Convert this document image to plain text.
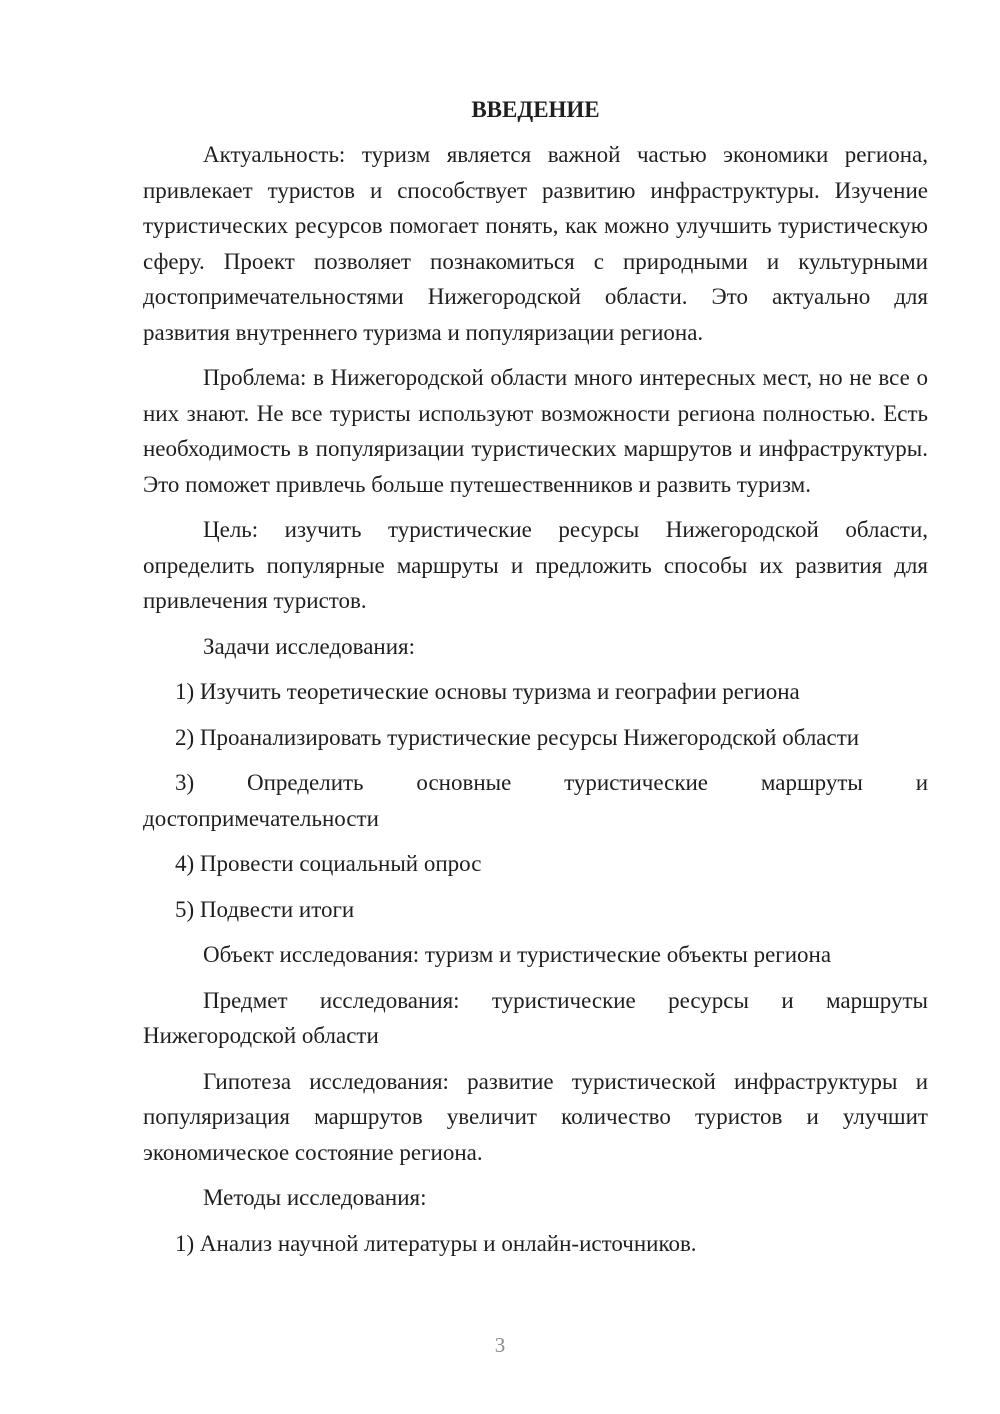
ВВЕДЕНИЕ
Актуальность: туризм является важной частью экономики региона, привлекает туристов и способствует развитию инфраструктуры. Изучение туристических ресурсов помогает понять, как можно улучшить туристическую сферу. Проект позволяет познакомиться с природными и культурными достопримечательностями Нижегородской области. Это актуально для развития внутреннего туризма и популяризации региона.
Проблема: в Нижегородской области много интересных мест, но не все о них знают. Не все туристы используют возможности региона полностью. Есть необходимость в популяризации туристических маршрутов и инфраструктуры. Это поможет привлечь больше путешественников и развить туризм.
Цель: изучить туристические ресурсы Нижегородской области, определить популярные маршруты и предложить способы их развития для привлечения туристов.
Задачи исследования:
1) Изучить теоретические основы туризма и географии региона
2) Проанализировать туристические ресурсы Нижегородской области
3) Определить основные туристические маршруты и достопримечательности
4) Провести социальный опрос
5) Подвести итоги
Объект исследования: туризм и туристические объекты региона
Предмет исследования: туристические ресурсы и маршруты Нижегородской области
Гипотеза исследования: развитие туристической инфраструктуры и популяризация маршрутов увеличит количество туристов и улучшит экономическое состояние региона.
Методы исследования:
1) Анализ научной литературы и онлайн-источников.
3
